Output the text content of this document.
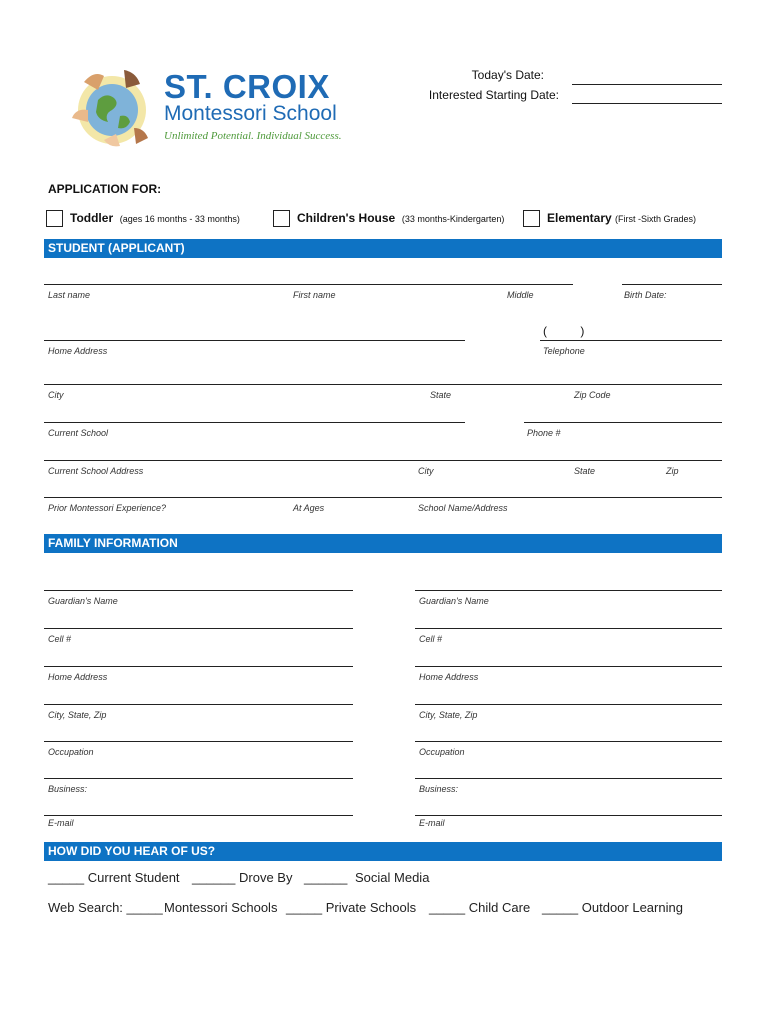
ST. CROIX
Montessori School
Unlimited Potential. Individual Success.
Today's Date:
Interested Starting Date:
APPLICATION FOR:
Toddler (ages 16 months - 33 months)	Children's House (33 months-Kindergarten)	Elementary (First -Sixth Grades)
STUDENT (APPLICANT)
Last name	First name	Middle	Birth Date:
(          )
Home Address	Telephone
City	State	Zip Code
Current School	Phone #
Current School Address	City	State	Zip
Prior Montessori Experience?	At Ages	School Name/Address
FAMILY INFORMATION
Guardian's Name
Cell #
Home Address
City, State, Zip
Occupation
Business:
E-mail
Guardian's Name
Cell #
Home Address
City, State, Zip
Occupation
Business:
E-mail
HOW DID YOU HEAR OF US?
_____ Current Student ______ Drove By ______ Social Media
Web Search: _____ Montessori Schools _____ Private Schools _____ Child Care _____ Outdoor Learning
